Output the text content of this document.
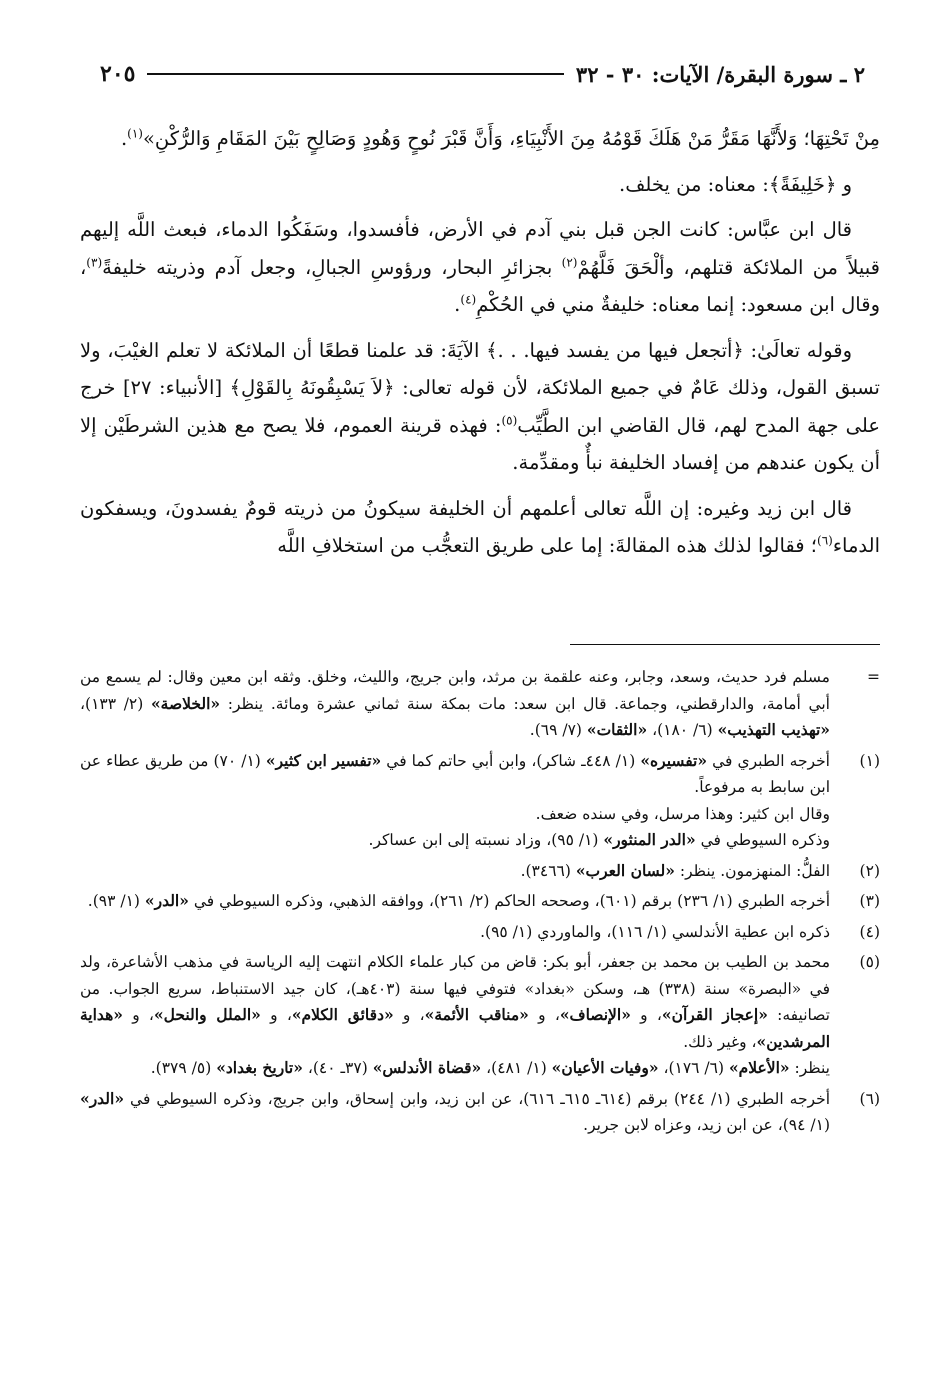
٢ ـ سورة البقرة/ الآيات: ٣٠ - ٣٢
٢٠٥

مِنْ تَحْتِهَا؛ وَلأَنَّهَا مَقَرُّ مَنْ هَلَكَ قَوْمُهُ مِنَ الأَنْبِيَاءِ، وَأَنَّ قَبْرَ نُوحٍ وَهُودٍ وَصَالِحٍ بَيْنَ المَقَامِ وَالرُّكْنِ»$^{(١)}$.

و ﴿خَلِيفَةً﴾: معناه: من يخلف.

قال ابن عبَّاس: كانت الجن قبل بني آدم في الأرض، فأفسدوا، وسَفَكُوا الدماء، فبعث اللَّه إليهم قبيلاً من الملائكة قتلهم، وألْحَقَ فَلَّهُمْ$^{(٢)}$ بجزائرِ البحار، ورؤوسِ الجبالِ، وجعل آدم وذريته خليفةً$^{(٣)}$، وقال ابن مسعود: إنما معناه: خليفةٌ مني في الحُكْمِ$^{(٤)}$.

وقوله تعالَىٰ: ﴿أتجعل فيها من يفسد فيها. . .﴾ الآيَةَ: قد علمنا قطعًا أن الملائكة لا تعلم الغيْبَ، ولا تسبق القول، وذلك عَامٌ في جميع الملائكة، لأن قوله تعالى: ﴿لاَ يَسْبِقُونَهُ بِالقَوْلِ﴾ [الأنبياء: ٢٧] خرج على جهة المدح لهم، قال القاضي ابن الطَّيِّب$^{(٥)}$: فهذه قرينة العموم، فلا يصح مع هذين الشرطَيْن إلا أن يكون عندهم من إفساد الخليفة نبأٌ ومقدِّمة.

قال ابن زيد وغيره: إن اللَّه تعالى أعلمهم أن الخليفة سيكونُ من ذريته قومٌ يفسدونَ، ويسفكون الدماء$^{(٦)}$؛ فقالوا لذلك هذه المقالةَ: إما على طريق التعجُّب من استخلافِ اللَّه

=
مسلم فرد حديث، وسعد، وجابر، وعنه علقمة بن مرثد، وابن جريج، والليث، وخلق. وثقه ابن معين وقال: لم يسمع من أبي أمامة، والدارقطني، وجماعة. قال ابن سعد: مات بمكة سنة ثماني عشرة ومائة. ينظر: «الخلاصة» (٢/ ١٣٣)، «تهذيب التهذيب» (٦/ ١٨٠)، «الثقات» (٧/ ٦٩).
(١)
أخرجه الطبري في «تفسيره» (١/ ٤٤٨ـ شاكر)، وابن أبي حاتم كما في «تفسير ابن كثير» (١/ ٧٠) من طريق عطاء عن ابن سابط به مرفوعاً.
وقال ابن كثير: وهذا مرسل، وفي سنده ضعف.
وذكره السيوطي في «الدر المنثور» (١/ ٩٥)، وزاد نسبته إلى ابن عساكر.
(٢)
الفلُّ: المنهزمون. ينظر: «لسان العرب» (٣٤٦٦).
(٣)
أخرجه الطبري (١/ ٢٣٦) برقم (٦٠١)، وصححه الحاكم (٢/ ٢٦١)، ووافقه الذهبي، وذكره السيوطي في «الدر» (١/ ٩٣).
(٤)
ذكره ابن عطية الأندلسي (١/ ١١٦)، والماوردي (١/ ٩٥).
(٥)
محمد بن الطيب بن محمد بن جعفر، أبو بكر: قاض من كبار علماء الكلام انتهت إليه الرياسة في مذهب الأشاعرة، ولد في «البصرة» سنة (٣٣٨) هـ، وسكن «بغداد» فتوفي فيها سنة (٤٠٣هـ)، كان جيد الاستنباط، سريع الجواب. من تصانيفه: «إعجاز القرآن»، و «الإنصاف»، و «مناقب الأئمة»، و «دقائق الكلام»، و «الملل والنحل»، و «هداية المرشدين»، وغير ذلك.
ينظر: «الأعلام» (٦/ ١٧٦)، «وفيات الأعيان» (١/ ٤٨١)، «قضاة الأندلس» (٣٧ـ ٤٠)، «تاريخ بغداد» (٥/ ٣٧٩).
(٦)
أخرجه الطبري (١/ ٢٤٤) برقم (٦١٤ـ ٦١٥ـ ٦١٦)، عن ابن زيد، وابن إسحاق، وابن جريج، وذكره السيوطي في «الدر» (١/ ٩٤)، عن ابن زيد، وعزاه لابن جرير.
